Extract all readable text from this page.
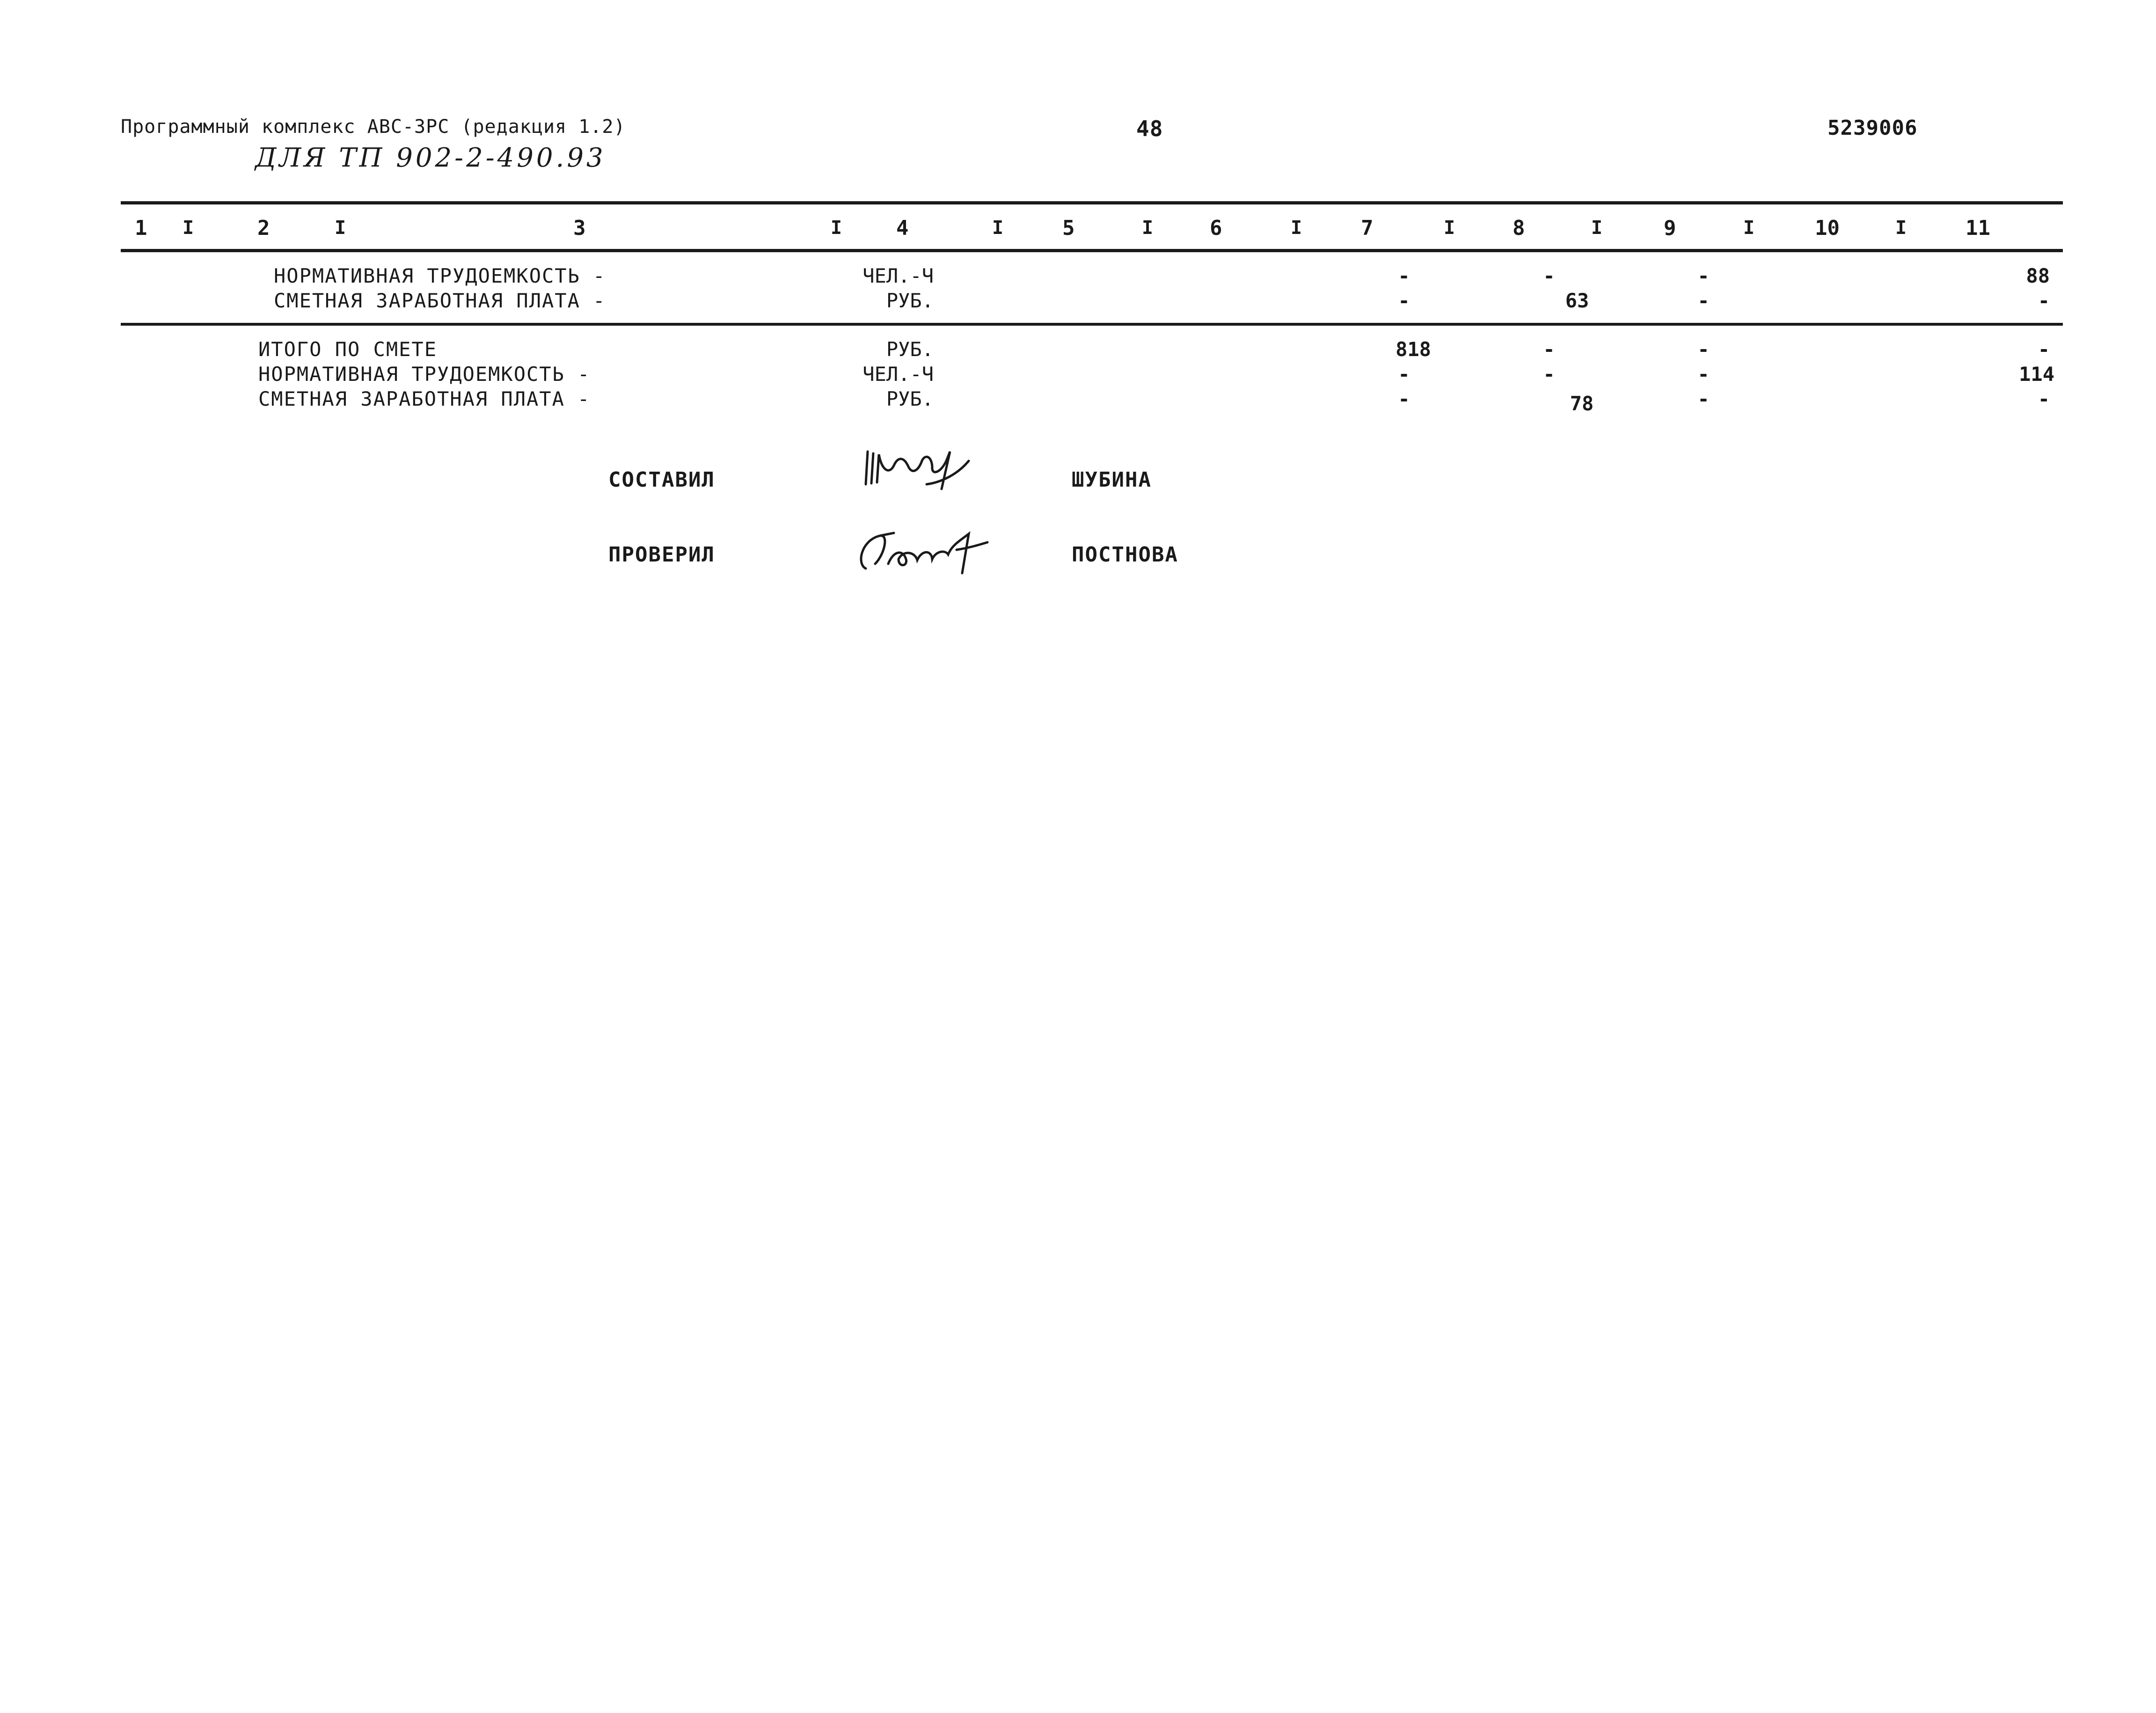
Программный комплекс АВС-ЗРС (редакция 1.2)
ДЛЯ ТП 902-2-490.93
48	5239006
1 I	2	I	3	I	4	I	5	I	6	I	7	I	8	I	9	I	10	I	11
НОРМАТИВНАЯ ТРУДОЕМКОСТЬ -	ЧЕЛ.-Ч	-	-	-	88
СМЕТНАЯ ЗАРАБОТНАЯ ПЛАТА -	РУБ.	-	63	-	-
ИТОГО ПО СМЕТЕ	РУБ.	818	-	-	-
НОРМАТИВНАЯ ТРУДОЕМКОСТЬ -	ЧЕЛ.-Ч	-	-	-	114
СМЕТНАЯ ЗАРАБОТНАЯ ПЛАТА -	РУБ.	-	78	-	-
СОСТАВИЛ	ШУБИНА
ПРОВЕРИЛ	ПОСТНОВА
